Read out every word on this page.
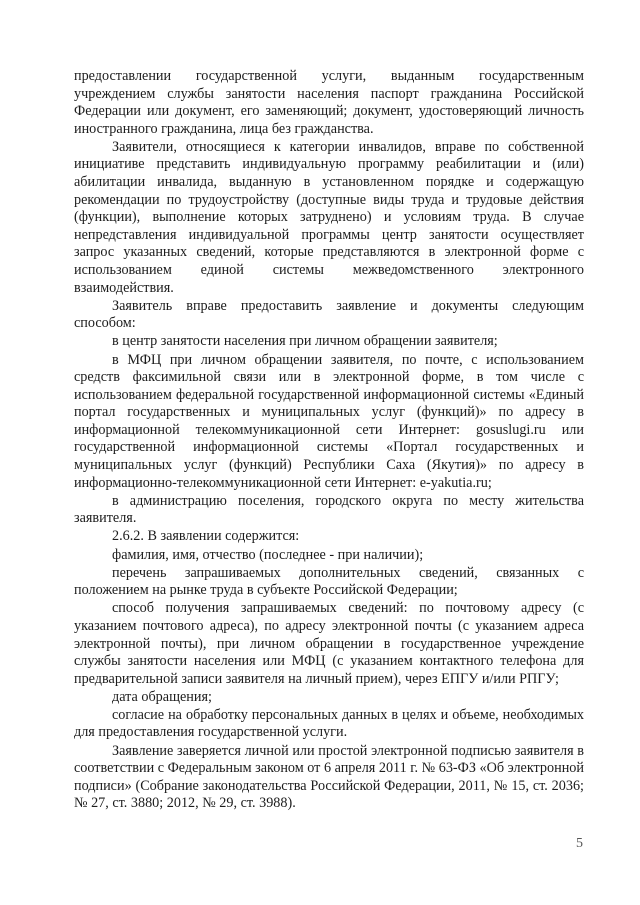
предоставлении государственной услуги, выданным государственным учреждением службы занятости населения паспорт гражданина Российской Федерации или документ, его заменяющий; документ, удостоверяющий личность иностранного гражданина, лица без гражданства.

Заявители, относящиеся к категории инвалидов, вправе по собственной инициативе представить индивидуальную программу реабилитации и (или) абилитации инвалида, выданную в установленном порядке и содержащую рекомендации по трудоустройству (доступные виды труда и трудовые действия (функции), выполнение которых затруднено) и условиям труда. В случае непредставления индивидуальной программы центр занятости осуществляет запрос указанных сведений, которые представляются в электронной форме с использованием единой системы межведомственного электронного взаимодействия.

Заявитель вправе предоставить заявление и документы следующим способом:

в центр занятости населения при личном обращении заявителя;

в МФЦ при личном обращении заявителя, по почте, с использованием средств факсимильной связи или в электронной форме, в том числе с использованием федеральной государственной информационной системы «Единый портал государственных и муниципальных услуг (функций)» по адресу в информационной телекоммуникационной сети Интернет: gosuslugi.ru или государственной информационной системы «Портал государственных и муниципальных услуг (функций) Республики Саха (Якутия)» по адресу в информационно-телекоммуникационной сети Интернет: e-yakutia.ru;

в администрацию поселения, городского округа по месту жительства заявителя.

2.6.2. В заявлении содержится:

фамилия, имя, отчество (последнее - при наличии);

перечень запрашиваемых дополнительных сведений, связанных с положением на рынке труда в субъекте Российской Федерации;

способ получения запрашиваемых сведений: по почтовому адресу (с указанием почтового адреса), по адресу электронной почты (с указанием адреса электронной почты), при личном обращении в государственное учреждение службы занятости населения или МФЦ (с указанием контактного телефона для предварительной записи заявителя на личный прием), через ЕПГУ и/или РПГУ;

дата обращения;

согласие на обработку персональных данных в целях и объеме, необходимых для предоставления государственной услуги.

Заявление заверяется личной или простой электронной подписью заявителя в соответствии с Федеральным законом от 6 апреля 2011 г. № 63-ФЗ «Об электронной подписи» (Собрание законодательства Российской Федерации, 2011, № 15, ст. 2036; № 27, ст. 3880; 2012, № 29, ст. 3988).

5
